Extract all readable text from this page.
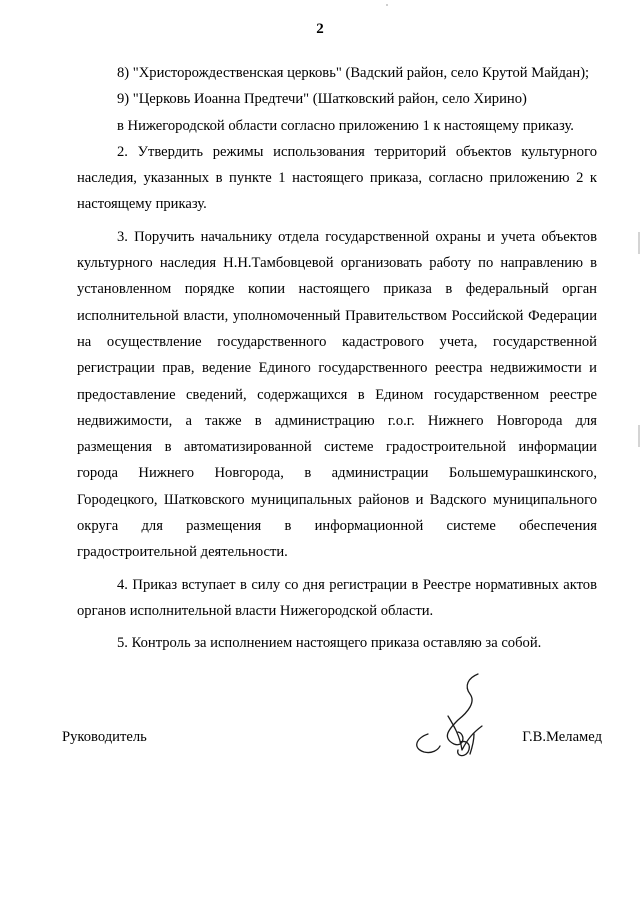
2

8) "Христорождественская церковь" (Вадский район, село Крутой Майдан);

9) "Церковь Иоанна Предтечи" (Шатковский район, село Хирино)

в Нижегородской области согласно приложению 1 к настоящему приказу.

2. Утвердить режимы использования территорий объектов культурного наследия, указанных в пункте 1 настоящего приказа, согласно приложению 2 к настоящему приказу.

3. Поручить начальнику отдела государственной охраны и учета объектов культурного наследия Н.Н.Тамбовцевой организовать работу по направлению в установленном порядке копии настоящего приказа в федеральный орган исполнительной власти, уполномоченный Правительством Российской Федерации на осуществление государственного кадастрового учета, государственной регистрации прав, ведение Единого государственного реестра недвижимости и предоставление сведений, содержащихся в Едином государственном реестре недвижимости, а также в администрацию г.о.г. Нижнего Новгорода для размещения в автоматизированной системе градостроительной информации города Нижнего Новгорода, в администрации Большемурашкинского, Городецкого, Шатковского муниципальных районов и Вадского муниципального округа для размещения в информационной системе обеспечения градостроительной деятельности.

4. Приказ вступает в силу со дня регистрации в Реестре нормативных актов органов исполнительной власти Нижегородской области.

5. Контроль за исполнением настоящего приказа оставляю за собой.

Руководитель	Г.В.Меламед
